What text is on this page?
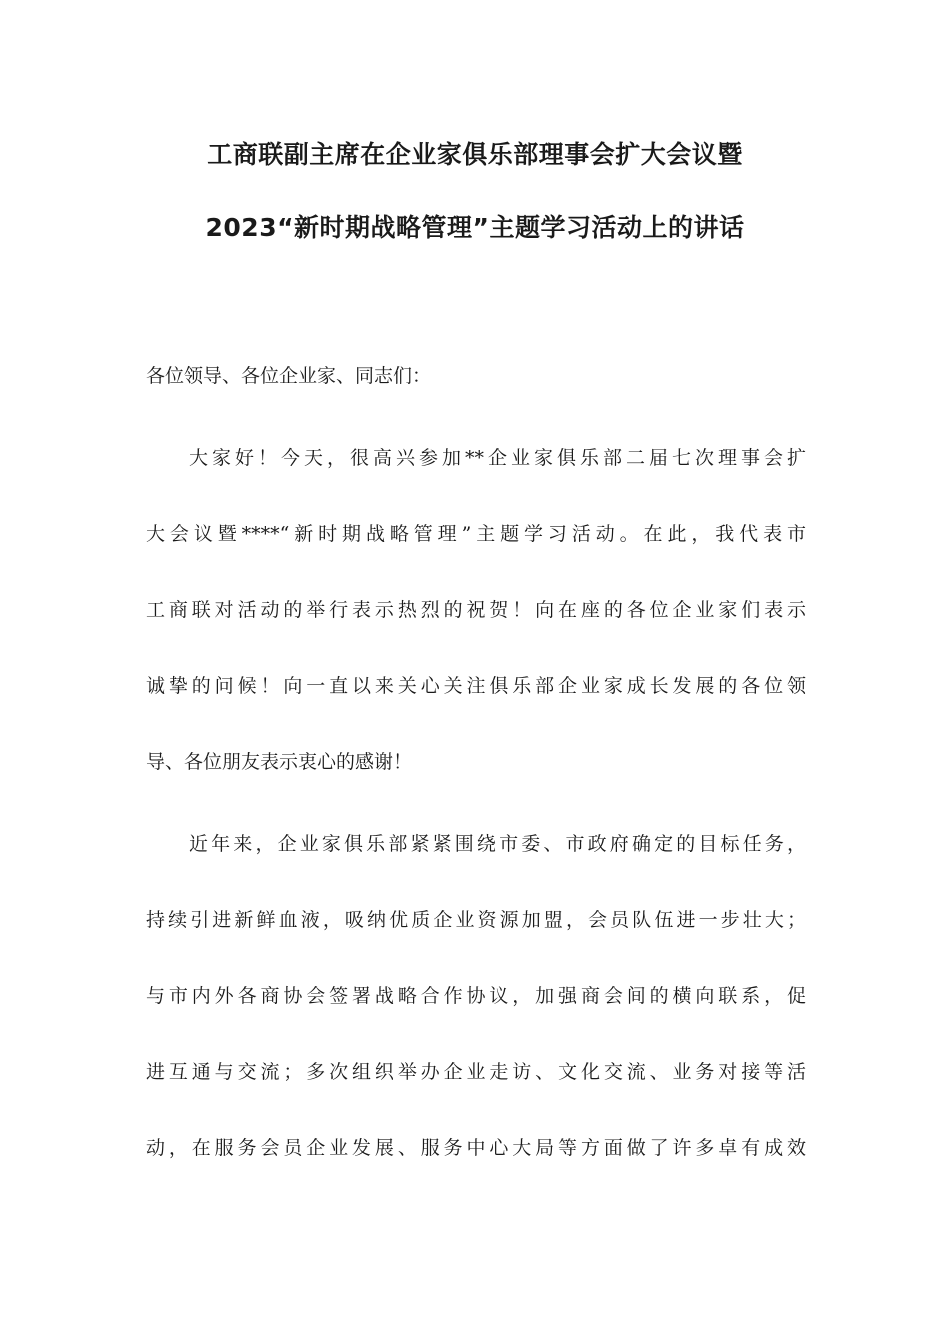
工商联副主席在企业家俱乐部理事会扩大会议暨
2023“新时期战略管理”主题学习活动上的讲话
各位领导、各位企业家、同志们：
大家好！今天，很高兴参加**企业家俱乐部二届七次理事会扩
大会议暨****“新时期战略管理”主题学习活动。在此，我代表市
工商联对活动的举行表示热烈的祝贺！向在座的各位企业家们表示
诚挚的问候！向一直以来关心关注俱乐部企业家成长发展的各位领
导、各位朋友表示衷心的感谢！
近年来，企业家俱乐部紧紧围绕市委、市政府确定的目标任务，
持续引进新鲜血液，吸纳优质企业资源加盟，会员队伍进一步壮大；
与市内外各商协会签署战略合作协议，加强商会间的横向联系，促
进互通与交流；多次组织举办企业走访、文化交流、业务对接等活
动，在服务会员企业发展、服务中心大局等方面做了许多卓有成效
